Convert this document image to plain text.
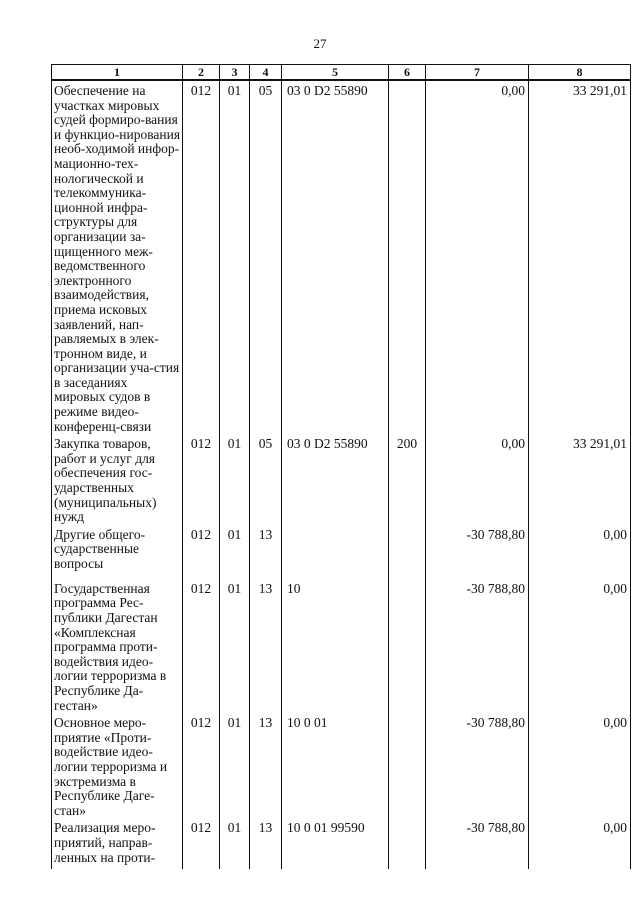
27
1	2	3	4	5	6	7	8
Обеспечение на участках мировых судей формиро-вания и функцио-нирования необ-ходимой инфор-мационно-тех-нологической и телекоммуника-ционной инфра-структуры для организации за-щищенного меж-ведомственного электронного взаимодействия, приема исковых заявлений, нап-равляемых в элек-тронном виде, и организации уча-стия в заседаниях мировых судов в режиме видео-конференц-связи	012	01	05	03 0 D2 55890		0,00	33 291,01
Закупка товаров, работ и услуг для обеспечения гос-ударственных (муниципальных) нужд	012	01	05	03 0 D2 55890	200	0,00	33 291,01
Другие общего-сударственные вопросы	012	01	13			-30 788,80	0,00
Государственная программа Рес-публики Дагестан «Комплексная программа проти-водействия идео-логии терроризма в Республике Да-гестан»	012	01	13	10		-30 788,80	0,00
Основное меро-приятие «Проти-водействие идео-логии терроризма и экстремизма в Республике Даге-стан»	012	01	13	10 0 01		-30 788,80	0,00
Реализация меро-приятий, направ-ленных на проти-	012	01	13	10 0 01 99590		-30 788,80	0,00
